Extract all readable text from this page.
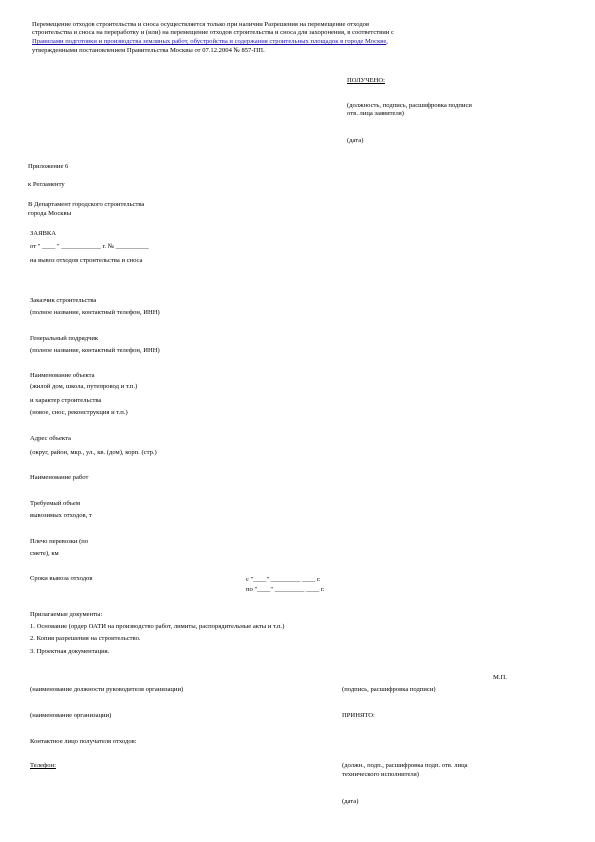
Перемещение отходов строительства и сноса осуществляется только при наличии Разрешения на перемещение отходов
строительства и сноса на переработку и (или) на перемещение отходов строительства и сноса для захоронения, в соответствии с
Правилами подготовки и производства земляных работ, обустройства и содержания строительных площадок в городе Москве,
утвержденными постановлением Правительства Москвы от 07.12.2004 № 857-ПП.
ПОЛУЧЕНО:
(должность, подпись, расшифровка подписи
отв. лица заявителя)
(дата)
Приложение 6
к Регламенту
В Департамент городского строительства
города Москвы
ЗАЯВКА
от " ____ " ____________ г. № __________
на вывоз отходов строительства и сноса
Заказчик строительства
(полное название, контактный телефон, ИНН)
Генеральный подрядчик
(полное название, контактный телефон, ИНН)
Наименование объекта
(жилой дом, школа, путепровод и т.п.)
и характер строительства
(новое, снос, реконструкция и т.п.)
Адрес объекта
(округ, район, мкр., ул., кв. (дом), корп. (стр.)
Наименование работ
Требуемый объем
вывозимых отходов, т
Плечо перевозки (по
смете), км
Сроки вывоза отходов	с "____" _________ ____ г.
по "____" _________ ____ г.
Прилагаемые документы:
1. Основание (ордер ОАТИ на производство работ, лимиты, распорядительные акты и т.п.)
2. Копия разрешения на строительство.
3. Проектная документация.
М.П.
(наименование должности руководителя организации)	(подпись, расшифровка подписи)
(наименование организации)	ПРИНЯТО:
Контактное лицо получателя отходов:
Телефон:	(должн., подп., расшифровка подп. отв. лица
технического исполнителя)
(дата)
